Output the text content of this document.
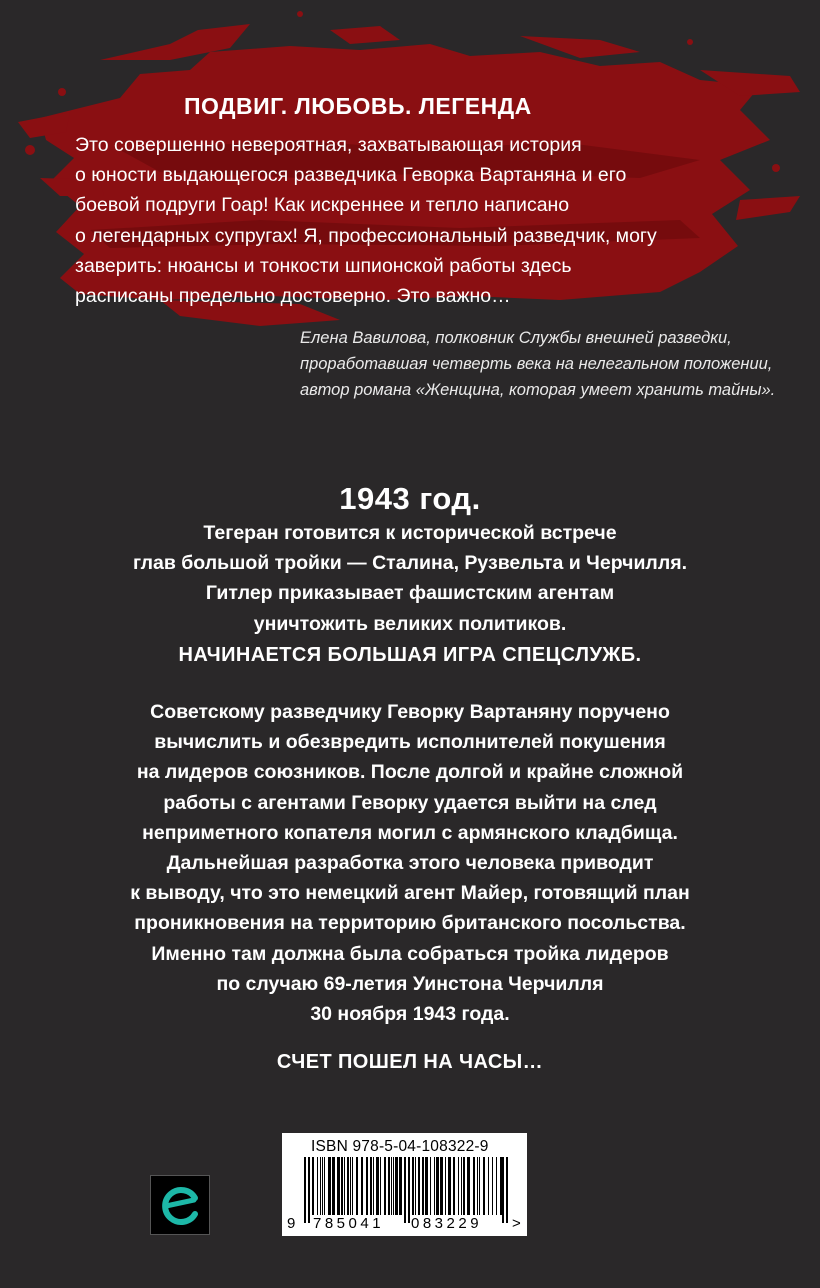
ПОДВИГ. ЛЮБОВЬ. ЛЕГЕНДА
Это совершенно невероятная, захватывающая история
о юности выдающегося разведчика Геворка Вартаняна и его
боевой подруги Гоар! Как искреннее и тепло написано
о легендарных супругах! Я, профессиональный разведчик, могу
заверить: нюансы и тонкости шпионской работы здесь
расписаны предельно достоверно. Это важно…
Елена Вавилова, полковник Службы внешней разведки,
проработавшая четверть века на нелегальном положении,
автор романа «Женщина, которая умеет хранить тайны».
1943 год.
Тегеран готовится к исторической встрече
глав большой тройки — Сталина, Рузвельта и Черчилля.
Гитлер приказывает фашистским агентам
уничтожить великих политиков.
НАЧИНАЕТСЯ БОЛЬШАЯ ИГРА СПЕЦСЛУЖБ.
Советскому разведчику Геворку Вартаняну поручено
вычислить и обезвредить исполнителей покушения
на лидеров союзников. После долгой и крайне сложной
работы с агентами Геворку удается выйти на след
неприметного копателя могил с армянского кладбища.
Дальнейшая разработка этого человека приводит
к выводу, что это немецкий агент Майер, готовящий план
проникновения на территорию британского посольства.
Именно там должна была собраться тройка лидеров
по случаю 69-летия Уинстона Черчилля
30 ноября 1943 года.
СЧЕТ ПОШЕЛ НА ЧАСЫ…
ISBN 978-5-04-108322-9
9 785041 083229 >
